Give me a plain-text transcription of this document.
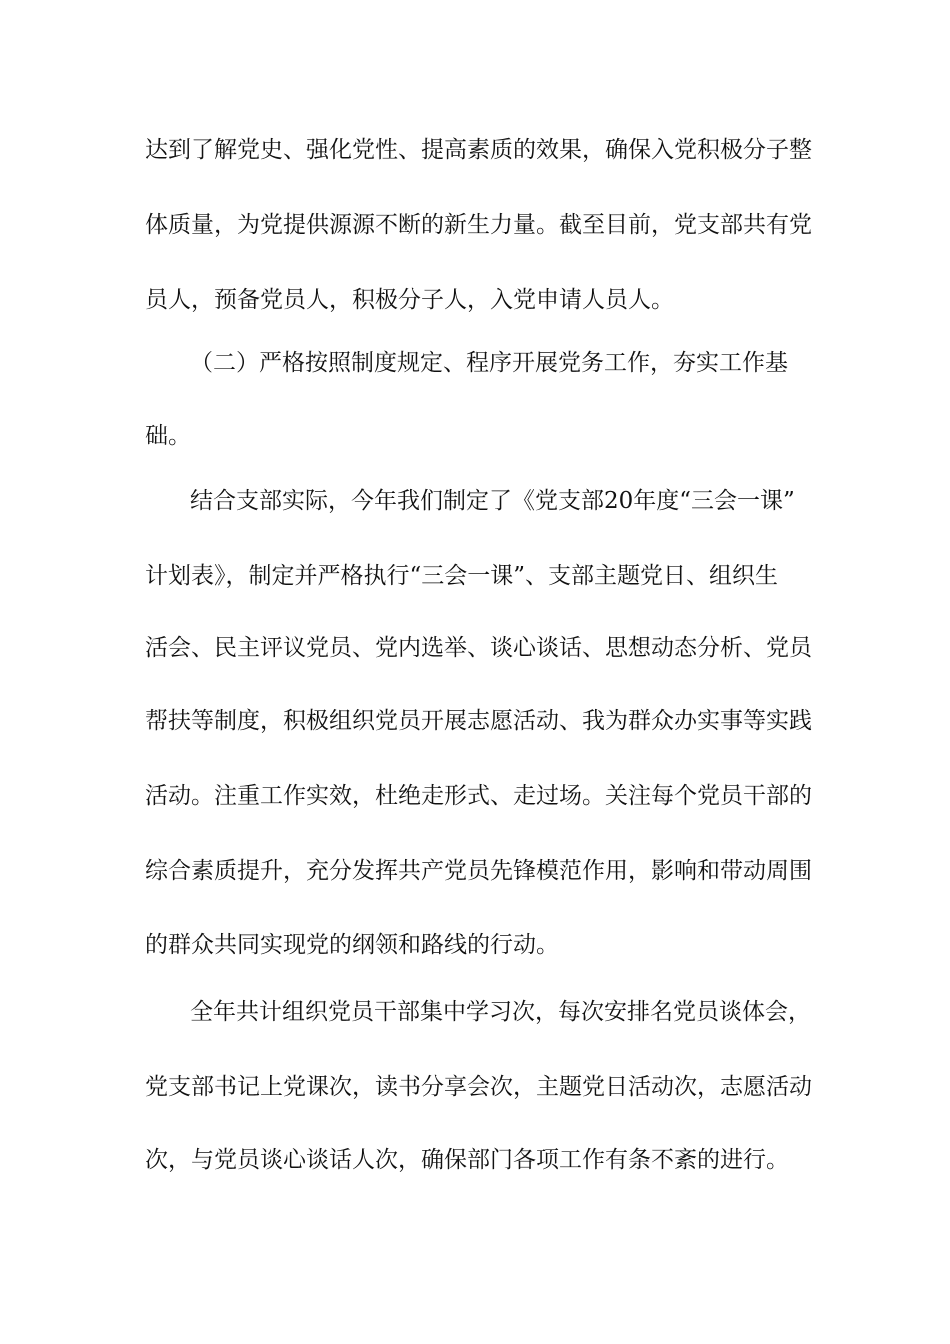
达到了解党史、强化党性、提高素质的效果，确保入党积极分子整

体质量，为党提供源源不断的新生力量。截至目前，党支部共有党

员人，预备党员人，积极分子人，入党申请人员人。

（二）严格按照制度规定、程序开展党务工作，夯实工作基

础。

结合支部实际，今年我们制定了《党支部20年度“三会一课”

计划表》，制定并严格执行“三会一课”、支部主题党日、组织生

活会、民主评议党员、党内选举、谈心谈话、思想动态分析、党员

帮扶等制度，积极组织党员开展志愿活动、我为群众办实事等实践

活动。注重工作实效，杜绝走形式、走过场。关注每个党员干部的

综合素质提升，充分发挥共产党员先锋模范作用，影响和带动周围

的群众共同实现党的纲领和路线的行动。

全年共计组织党员干部集中学习次，每次安排名党员谈体会，

党支部书记上党课次，读书分享会次，主题党日活动次，志愿活动

次，与党员谈心谈话人次，确保部门各项工作有条不紊的进行。
